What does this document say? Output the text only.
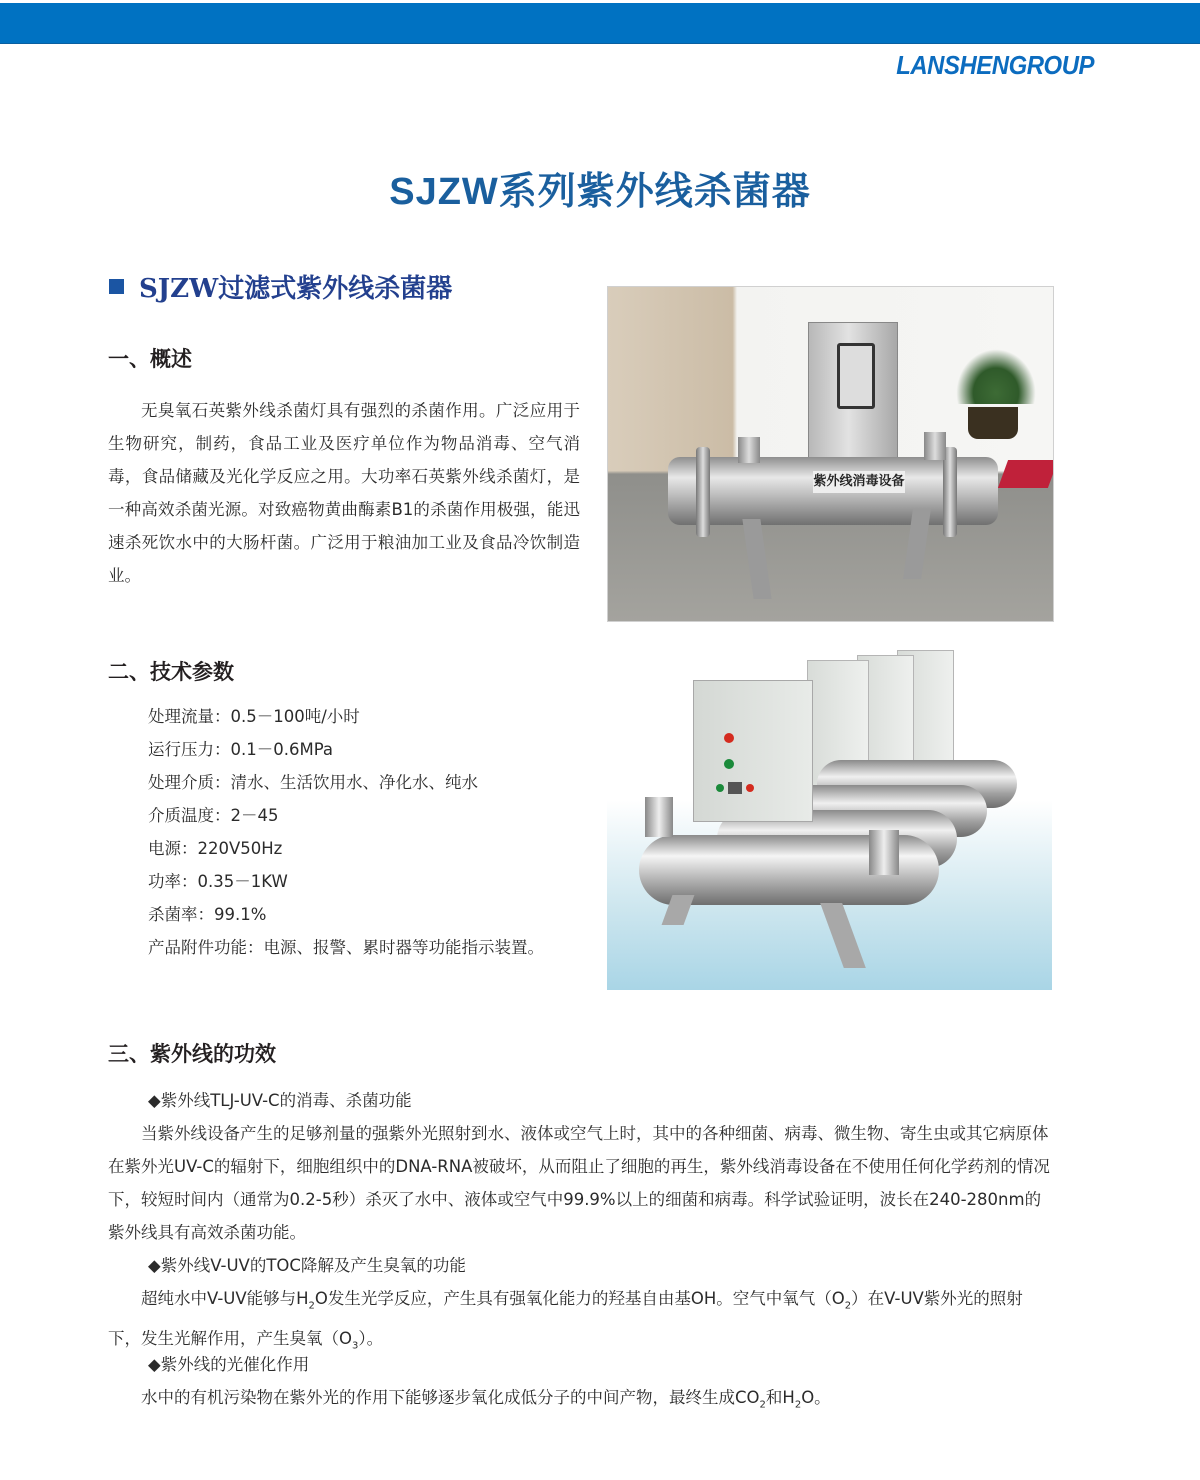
LANSHENGROUP
SJZW系列紫外线杀菌器
SJZW过滤式紫外线杀菌器
一、概述
无臭氧石英紫外线杀菌灯具有强烈的杀菌作用。广泛应用于生物研究，制药，食品工业及医疗单位作为物品消毒、空气消毒，食品储藏及光化学反应之用。大功率石英紫外线杀菌灯，是一种高效杀菌光源。对致癌物黄曲酶素B1的杀菌作用极强，能迅速杀死饮水中的大肠杆菌。广泛用于粮油加工业及食品冷饮制造业。
紫外线消毒设备
二、技术参数
处理流量：0.5－100吨/小时
运行压力：0.1－0.6MPa
处理介质：清水、生活饮用水、净化水、纯水
介质温度：2－45
电源：220V50Hz
功率：0.35－1KW
杀菌率：99.1%
产品附件功能：电源、报警、累时器等功能指示装置。
三、紫外线的功效
◆紫外线TLJ-UV-C的消毒、杀菌功能
当紫外线设备产生的足够剂量的强紫外光照射到水、液体或空气上时，其中的各种细菌、病毒、微生物、寄生虫或其它病原体在紫外光UV-C的辐射下，细胞组织中的DNA-RNA被破坏，从而阻止了细胞的再生，紫外线消毒设备在不使用任何化学药剂的情况下，较短时间内（通常为0.2-5秒）杀灭了水中、液体或空气中99.9%以上的细菌和病毒。科学试验证明，波长在240-280nm的紫外线具有高效杀菌功能。
◆紫外线V-UV的TOC降解及产生臭氧的功能
超纯水中V-UV能够与$H_2O$发生光学反应，产生具有强氧化能力的羟基自由基OH。空气中氧气$(O_2)$在V-UV紫外光的照射下，发生光解作用，产生臭氧$(O_3)$。
◆紫外线的光催化作用
水中的有机污染物在紫外光的作用下能够逐步氧化成低分子的中间产物，最终生成$CO_2$和$H_2O$。
